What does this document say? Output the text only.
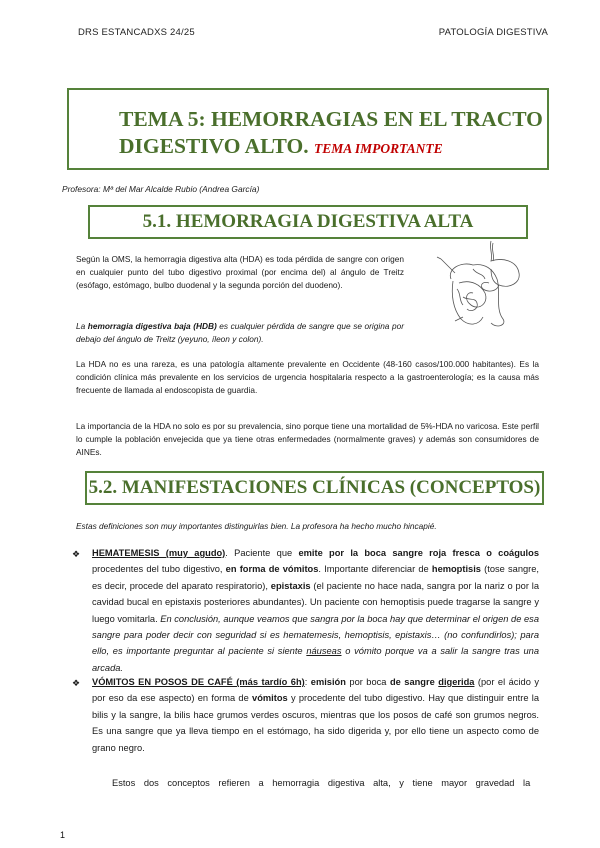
DRS ESTANCADXS 24/25	PATOLOGÍA DIGESTIVA
TEMA 5: HEMORRAGIAS EN EL TRACTO DIGESTIVO ALTO. TEMA IMPORTANTE
Profesora: Mª del Mar Alcalde Rubio (Andrea García)
5.1. HEMORRAGIA DIGESTIVA ALTA
Según la OMS, la hemorragia digestiva alta (HDA) es toda pérdida de sangre con origen en cualquier punto del tubo digestivo proximal (por encima del) al ángulo de Treitz (esófago, estómago, bulbo duodenal y la segunda porción del duodeno).
La hemorragia digestiva baja (HDB) es cualquier pérdida de sangre que se origina por debajo del ángulo de Treitz (yeyuno, íleon y colon).
La HDA no es una rareza, es una patología altamente prevalente en Occidente (48-160 casos/100.000 habitantes). Es la condición clínica más prevalente en los servicios de urgencia hospitalaria respecto a la gastroenterología; es la causa más frecuente de llamada al endoscopista de guardia.
La importancia de la HDA no solo es por su prevalencia, sino porque tiene una mortalidad de 5%-HDA no varicosa. Este perfil lo cumple la población envejecida que ya tiene otras enfermedades (normalmente graves) y además son consumidores de AINEs.
5.2. MANIFESTACIONES CLÍNICAS (CONCEPTOS)
Estas definiciones son muy importantes distinguirlas bien. La profesora ha hecho mucho hincapié.
❖ HEMATEMESIS (muy agudo). Paciente que emite por la boca sangre roja fresca o coágulos procedentes del tubo digestivo, en forma de vómitos. Importante diferenciar de hemoptisis (tose sangre, es decir, procede del aparato respiratorio), epistaxis (el paciente no hace nada, sangra por la nariz o por la cavidad bucal en epistaxis posteriores abundantes). Un paciente con hemoptisis puede tragarse la sangre y luego vomitarla. En conclusión, aunque veamos que sangra por la boca hay que determinar el origen de esa sangre para poder decir con seguridad si es hematemesis, hemoptisis, epistaxis… (no confundirlos); para ello, es importante preguntar al paciente si siente náuseas o vómito porque va a salir la sangre tras una arcada.
❖ VÓMITOS EN POSOS DE CAFÉ (más tardío 6h): emisión por boca de sangre digerida (por el ácido y por eso da ese aspecto) en forma de vómitos y procedente del tubo digestivo. Hay que distinguir entre la bilis y la sangre, la bilis hace grumos verdes oscuros, mientras que los posos de café son grumos negros. Es una sangre que ya lleva tiempo en el estómago, ha sido digerida y, por ello tiene un aspecto como de grano negro.
Estos dos conceptos refieren a hemorragia digestiva alta, y tiene mayor gravedad la
1
